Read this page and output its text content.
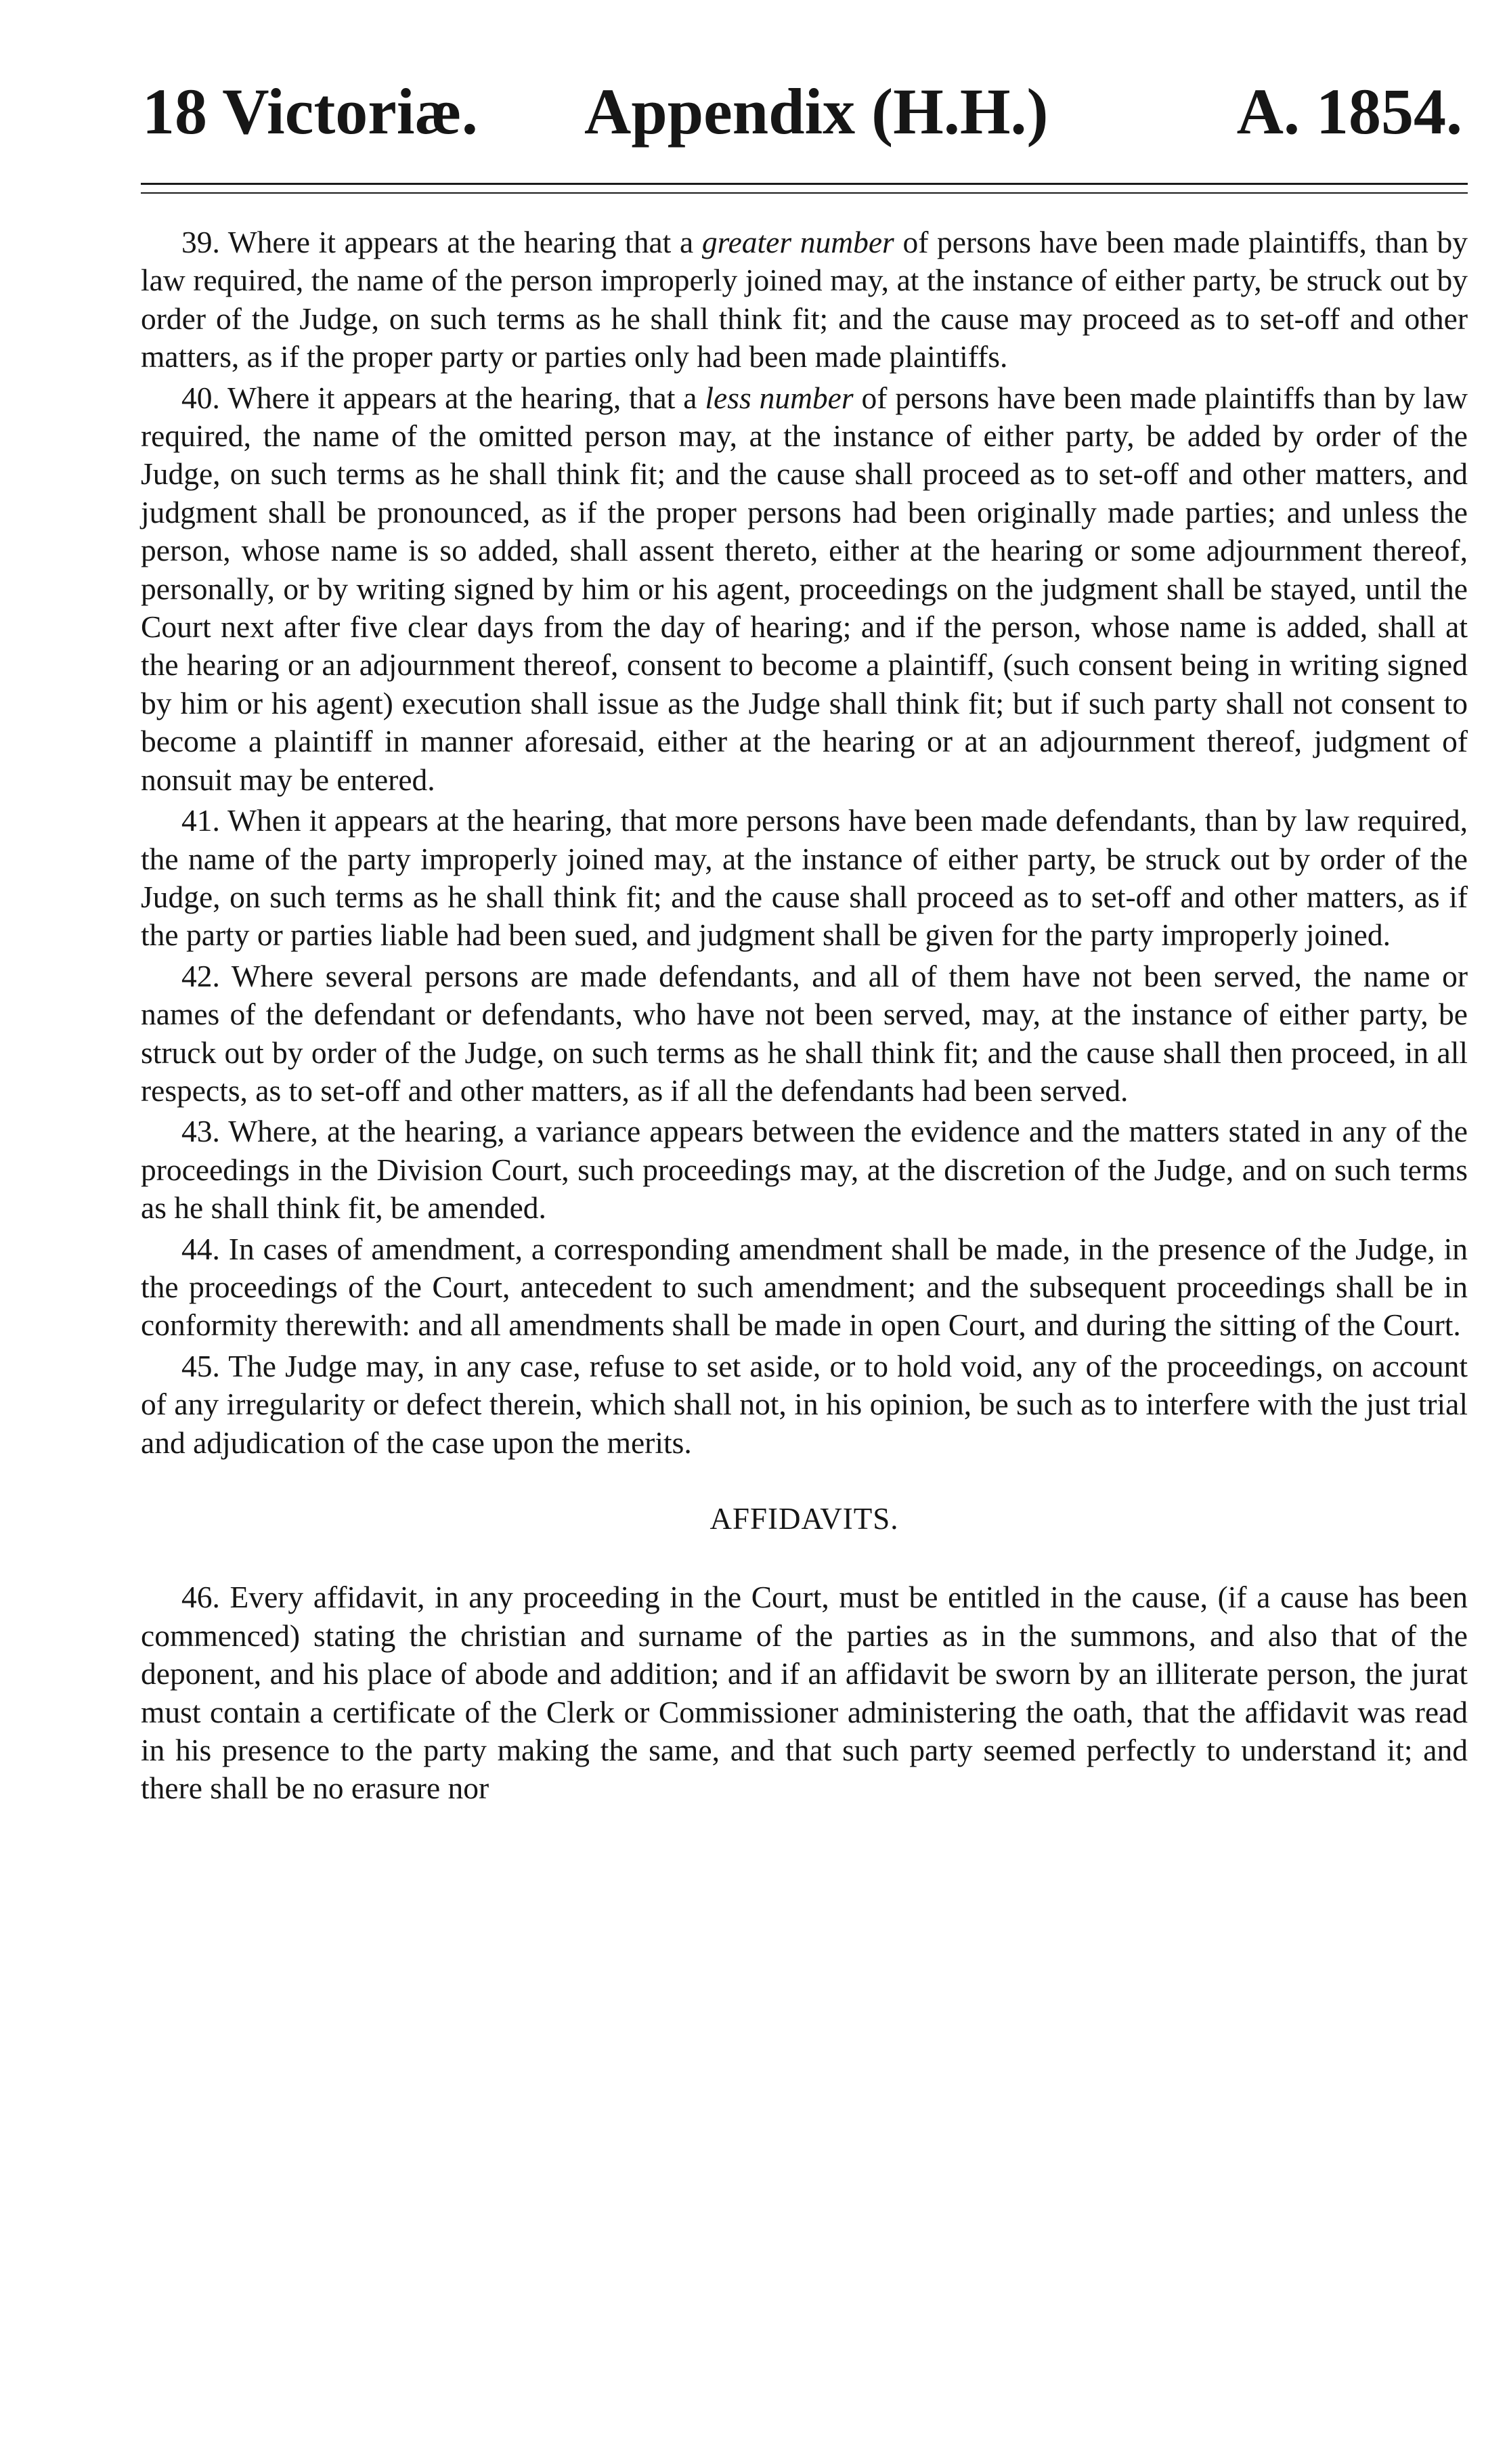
18 Victoriæ. Appendix (H.H.)	A. 1854.

39. Where it appears at the hearing that a greater number of persons have been made plaintiffs, than by law required, the name of the person improperly joined may, at the instance of either party, be struck out by order of the Judge, on such terms as he shall think fit; and the cause may proceed as to set-off and other matters, as if the proper party or parties only had been made plaintiffs.

40. Where it appears at the hearing, that a less number of persons have been made plaintiffs than by law required, the name of the omitted person may, at the instance of either party, be added by order of the Judge, on such terms as he shall think fit; and the cause shall proceed as to set-off and other matters, and judgment shall be pronounced, as if the proper persons had been originally made parties; and unless the person, whose name is so added, shall assent thereto, either at the hearing or some adjournment thereof, personally, or by writing signed by him or his agent, proceedings on the judgment shall be stayed, until the Court next after five clear days from the day of hearing; and if the person, whose name is added, shall at the hearing or an adjournment thereof, consent to become a plaintiff, (such consent being in writing signed by him or his agent) execution shall issue as the Judge shall think fit; but if such party shall not consent to become a plaintiff in manner aforesaid, either at the hearing or at an adjournment thereof, judgment of nonsuit may be entered.

41. When it appears at the hearing, that more persons have been made defendants, than by law required, the name of the party improperly joined may, at the instance of either party, be struck out by order of the Judge, on such terms as he shall think fit; and the cause shall proceed as to set-off and other matters, as if the party or parties liable had been sued, and judgment shall be given for the party improperly joined.

42. Where several persons are made defendants, and all of them have not been served, the name or names of the defendant or defendants, who have not been served, may, at the instance of either party, be struck out by order of the Judge, on such terms as he shall think fit; and the cause shall then proceed, in all respects, as to set-off and other matters, as if all the defendants had been served.

43. Where, at the hearing, a variance appears between the evidence and the matters stated in any of the proceedings in the Division Court, such proceedings may, at the discretion of the Judge, and on such terms as he shall think fit, be amended.

44. In cases of amendment, a corresponding amendment shall be made, in the presence of the Judge, in the proceedings of the Court, antecedent to such amendment; and the subsequent proceedings shall be in conformity therewith: and all amendments shall be made in open Court, and during the sitting of the Court.

45. The Judge may, in any case, refuse to set aside, or to hold void, any of the proceedings, on account of any irregularity or defect therein, which shall not, in his opinion, be such as to interfere with the just trial and adjudication of the case upon the merits.

AFFIDAVITS.

46. Every affidavit, in any proceeding in the Court, must be entitled in the cause, (if a cause has been commenced) stating the christian and surname of the parties as in the summons, and also that of the deponent, and his place of abode and addition; and if an affidavit be sworn by an illiterate person, the jurat must contain a certificate of the Clerk or Commissioner administering the oath, that the affidavit was read in his presence to the party making the same, and that such party seemed perfectly to understand it; and there shall be no erasure nor
